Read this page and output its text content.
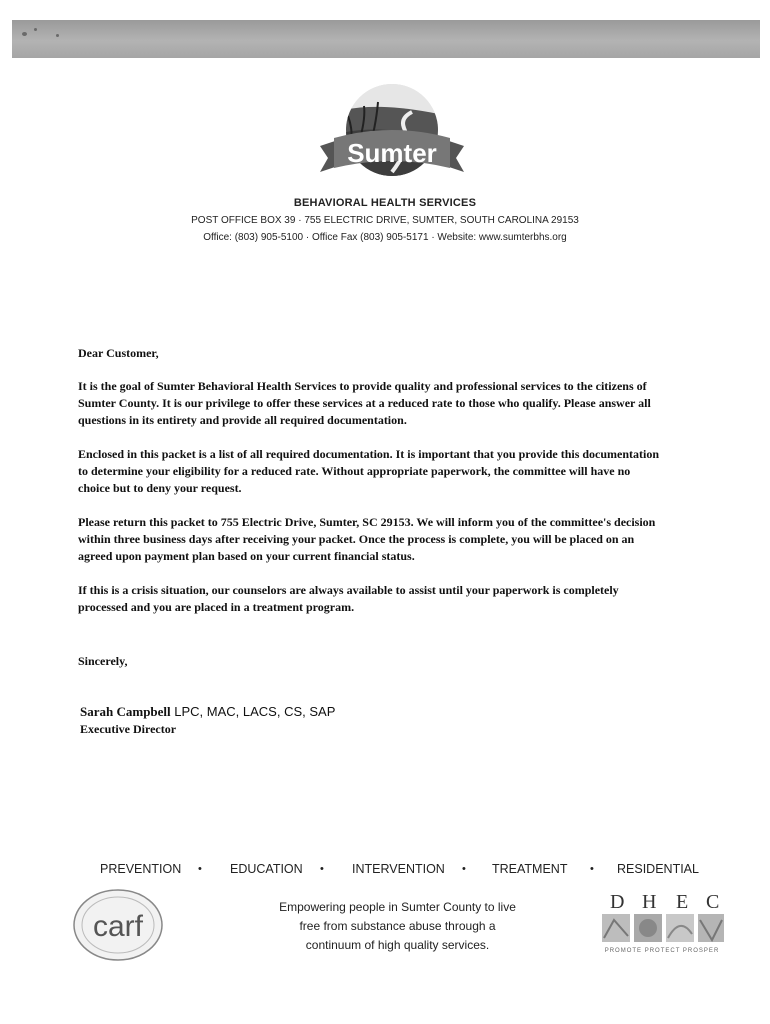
Sumter
BEHAVIORAL HEALTH SERVICES
POST OFFICE BOX 39 · 755 ELECTRIC DRIVE, SUMTER, SOUTH CAROLINA 29153
Office: (803) 905-5100 · Office Fax (803) 905-5171 · Website: www.sumterbhs.org
Dear Customer,
It is the goal of Sumter Behavioral Health Services to provide quality and professional services to the citizens of
Sumter County. It is our privilege to offer these services at a reduced rate to those who qualify. Please answer all
questions in its entirety and provide all required documentation.
Enclosed in this packet is a list of all required documentation. It is important that you provide this documentation
to determine your eligibility for a reduced rate. Without appropriate paperwork, the committee will have no
choice but to deny your request.
Please return this packet to 755 Electric Drive, Sumter, SC 29153. We will inform you of the committee's decision
within three business days after receiving your packet. Once the process is complete, you will be placed on an
agreed upon payment plan based on your current financial status.
If this is a crisis situation, our counselors are always available to assist until your paperwork is completely
processed and you are placed in a treatment program.
Sincerely,
Sarah Campbell LPC, MAC, LACS, CS, SAP
Executive Director
PREVENTION • EDUCATION • INTERVENTION • TREATMENT • RESIDENTIAL
carf
Empowering people in Sumter County to live
free from substance abuse through a
continuum of high quality services.
D H E C
PROMOTE PROTECT PROSPER
